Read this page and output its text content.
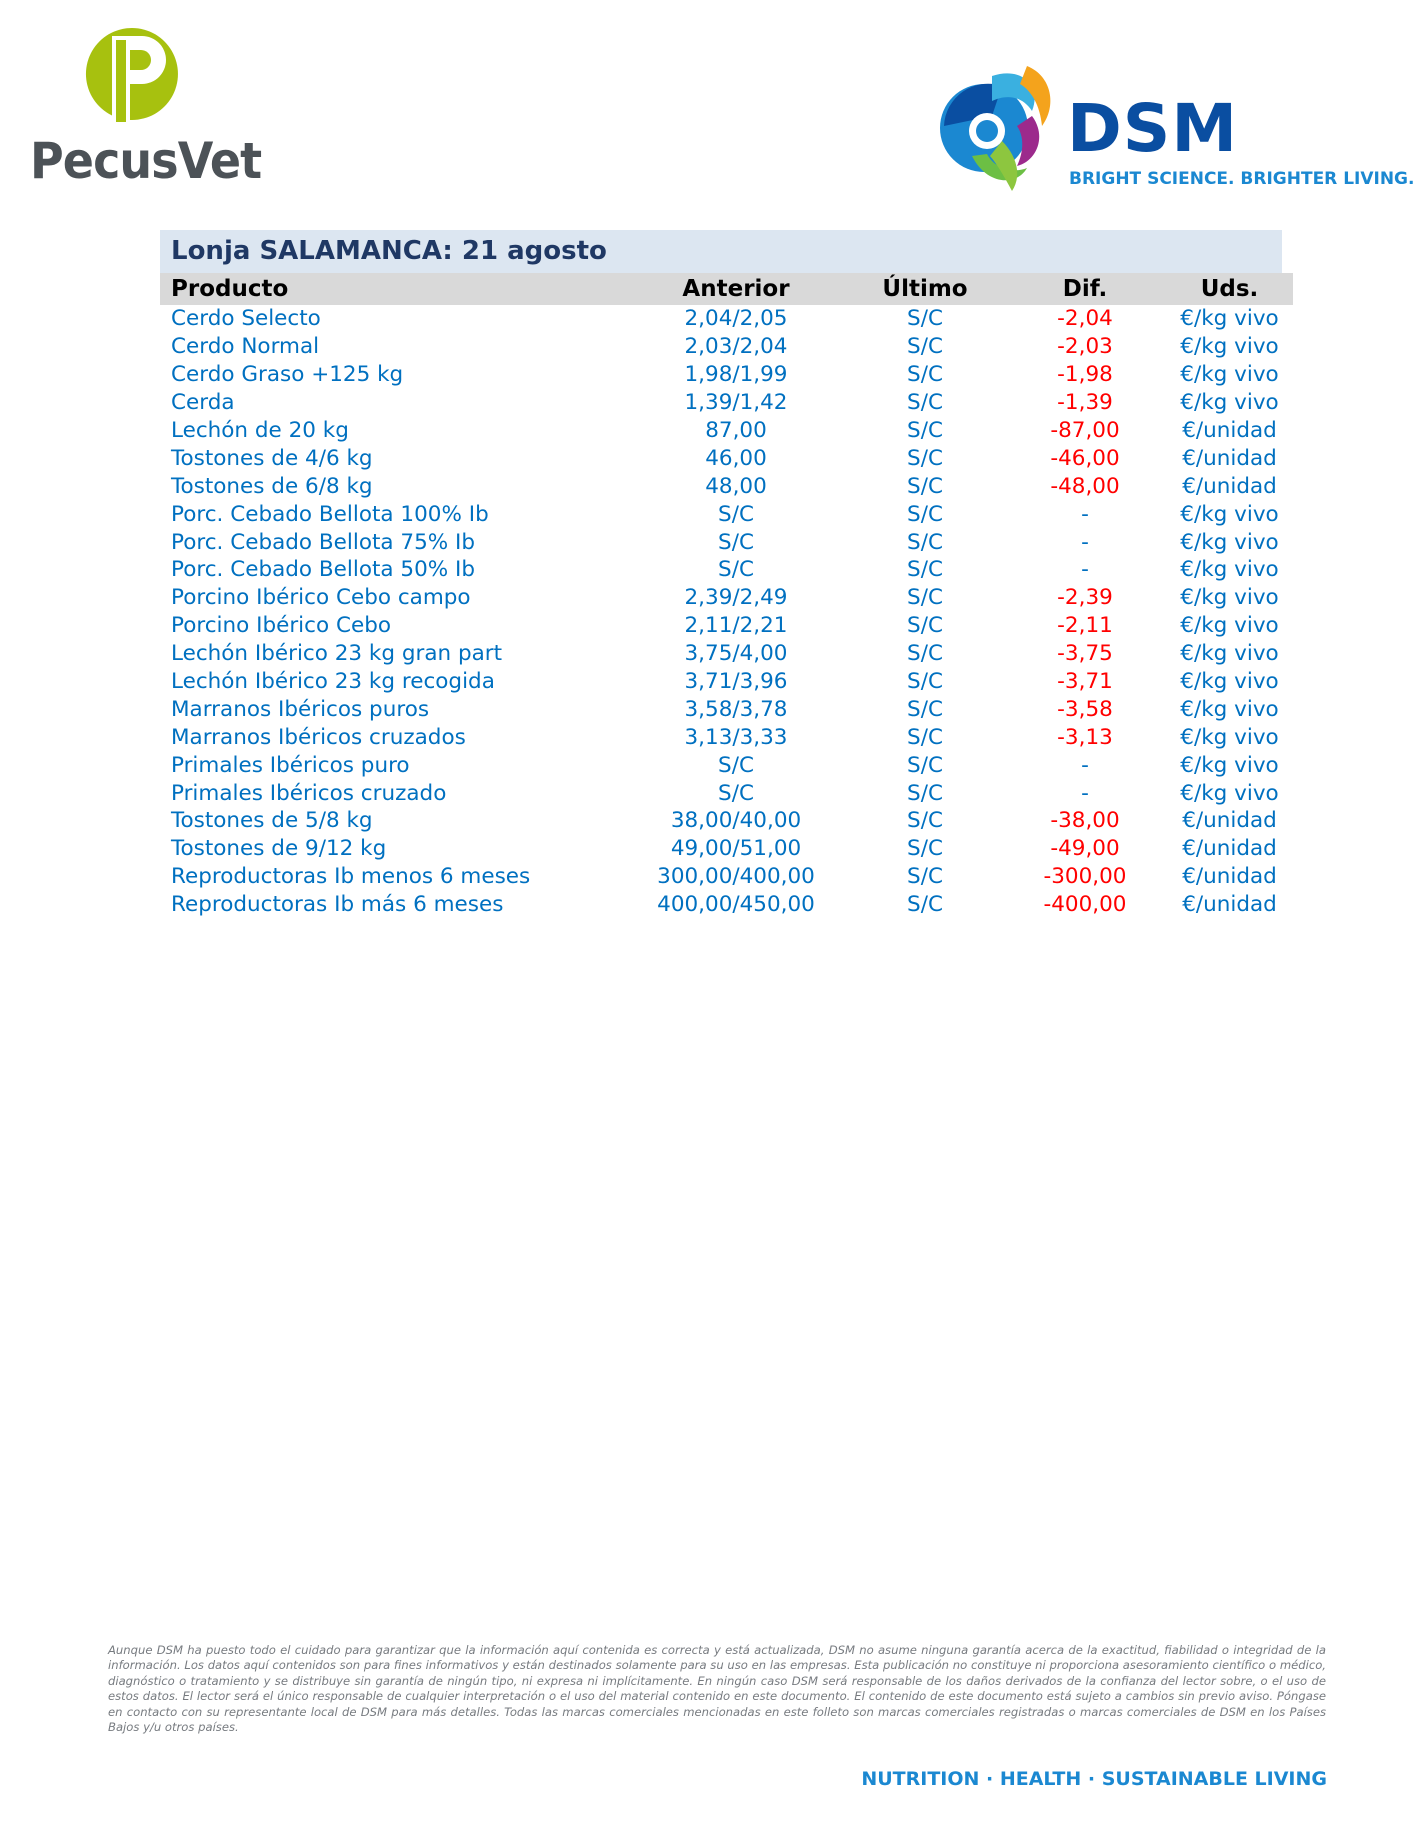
PecusVet	DSM
BRIGHT SCIENCE. BRIGHTER LIVING.
Lonja SALAMANCA: 21 agosto
Producto	Anterior	Último	Dif.	Uds.
Cerdo Selecto	2,04/2,05	S/C	-2,04	€/kg vivo
Cerdo Normal	2,03/2,04	S/C	-2,03	€/kg vivo
Cerdo Graso +125 kg	1,98/1,99	S/C	-1,98	€/kg vivo
Cerda	1,39/1,42	S/C	-1,39	€/kg vivo
Lechón de 20 kg	87,00	S/C	-87,00	€/unidad
Tostones de 4/6 kg	46,00	S/C	-46,00	€/unidad
Tostones de 6/8 kg	48,00	S/C	-48,00	€/unidad
Porc. Cebado Bellota 100% Ib	S/C	S/C	-	€/kg vivo
Porc. Cebado Bellota 75% Ib	S/C	S/C	-	€/kg vivo
Porc. Cebado Bellota 50% Ib	S/C	S/C	-	€/kg vivo
Porcino Ibérico Cebo campo	2,39/2,49	S/C	-2,39	€/kg vivo
Porcino Ibérico Cebo	2,11/2,21	S/C	-2,11	€/kg vivo
Lechón Ibérico 23 kg gran part	3,75/4,00	S/C	-3,75	€/kg vivo
Lechón Ibérico 23 kg recogida	3,71/3,96	S/C	-3,71	€/kg vivo
Marranos Ibéricos puros	3,58/3,78	S/C	-3,58	€/kg vivo
Marranos Ibéricos cruzados	3,13/3,33	S/C	-3,13	€/kg vivo
Primales Ibéricos puro	S/C	S/C	-	€/kg vivo
Primales Ibéricos cruzado	S/C	S/C	-	€/kg vivo
Tostones de 5/8 kg	38,00/40,00	S/C	-38,00	€/unidad
Tostones de 9/12 kg	49,00/51,00	S/C	-49,00	€/unidad
Reproductoras Ib menos 6 meses	300,00/400,00	S/C	-300,00	€/unidad
Reproductoras Ib más 6 meses	400,00/450,00	S/C	-400,00	€/unidad
Aunque DSM ha puesto todo el cuidado para garantizar que la información aquí contenida es correcta y está actualizada, DSM no asume ninguna garantía acerca de la exactitud, fiabilidad o integridad de la información. Los datos aquí contenidos son para fines informativos y están destinados solamente para su uso en las empresas. Esta publicación no constituye ni proporciona asesoramiento científico o médico, diagnóstico o tratamiento y se distribuye sin garantía de ningún tipo, ni expresa ni implícitamente. En ningún caso DSM será responsable de los daños derivados de la confianza del lector sobre, o el uso de estos datos. El lector será el único responsable de cualquier interpretación o el uso del material contenido en este documento. El contenido de este documento está sujeto a cambios sin previo aviso. Póngase en contacto con su representante local de DSM para más detalles. Todas las marcas comerciales mencionadas en este folleto son marcas comerciales registradas o marcas comerciales de DSM en los Países Bajos y/u otros países.
NUTRITION · HEALTH · SUSTAINABLE LIVING
